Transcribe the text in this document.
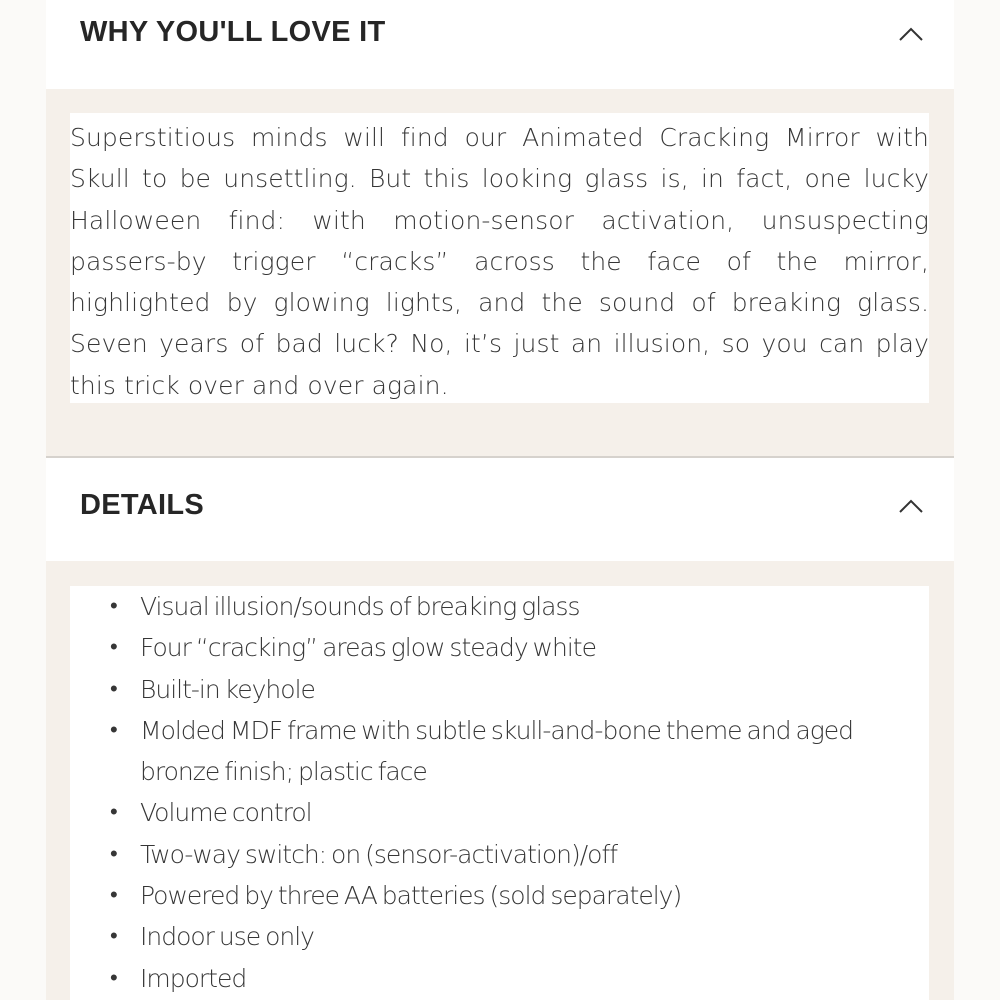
WHY YOU'LL LOVE IT

Superstitious minds will find our Animated Cracking Mirror with Skull to be unsettling. But this looking glass is, in fact, one lucky Halloween find: with motion-sensor activation, unsuspecting passers-by trigger “cracks” across the face of the mirror, highlighted by glowing lights, and the sound of breaking glass. Seven years of bad luck? No, it’s just an illusion, so you can play this trick over and over again.

DETAILS
• Visual illusion/sounds of breaking glass
• Four “cracking” areas glow steady white
• Built-in keyhole
• Molded MDF frame with subtle skull-and-bone theme and aged bronze finish; plastic face
• Volume control
• Two-way switch: on (sensor-activation)/off
• Powered by three AA batteries (sold separately)
• Indoor use only
• Imported
